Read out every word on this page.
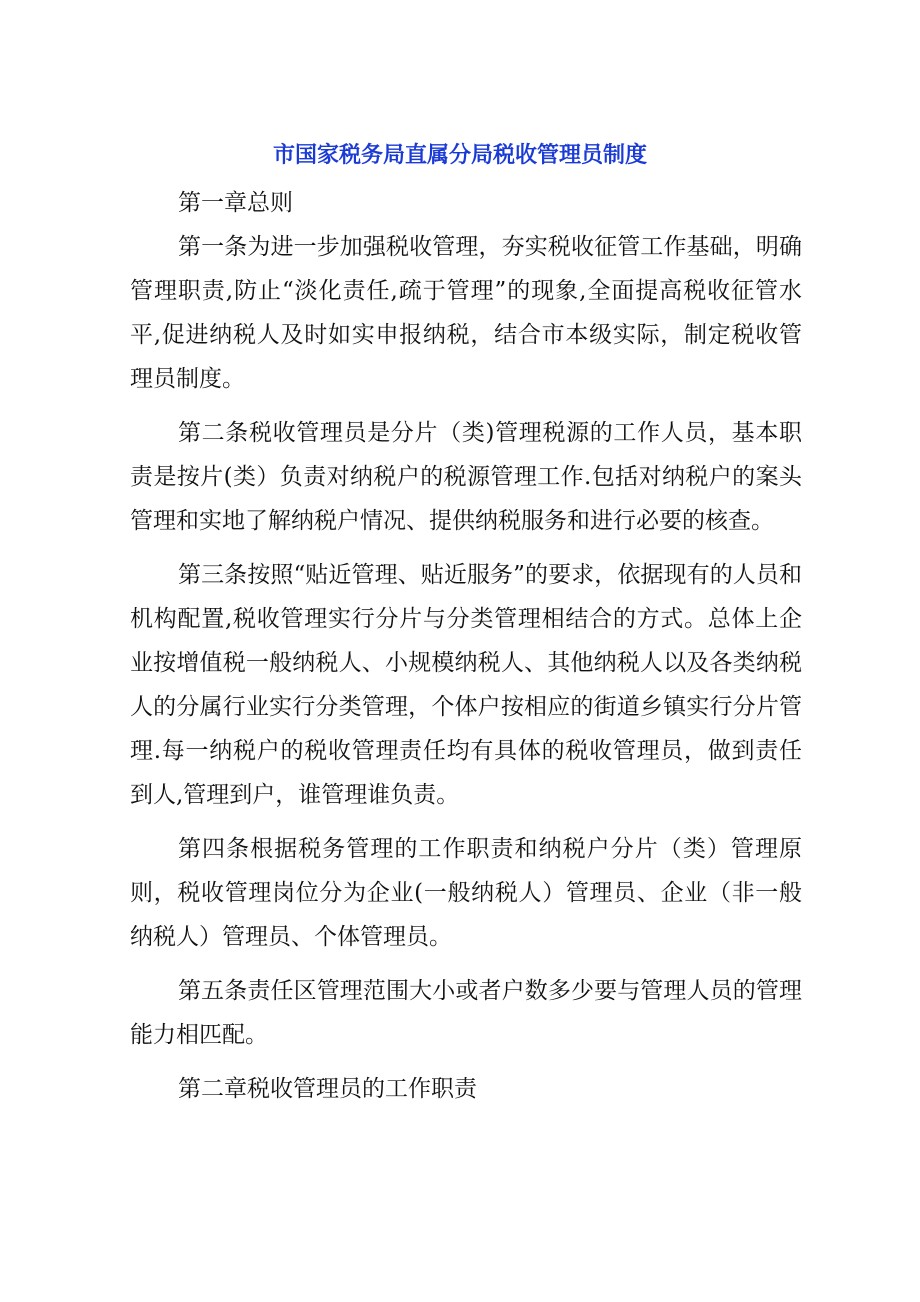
市国家税务局直属分局税收管理员制度

第一章总则

第一条为进一步加强税收管理，夯实税收征管工作基础，明确管理职责,防止“淡化责任,疏于管理”的现象,全面提高税收征管水平,促进纳税人及时如实申报纳税，结合市本级实际，制定税收管理员制度。

第二条税收管理员是分片（类)管理税源的工作人员，基本职责是按片(类）负责对纳税户的税源管理工作.包括对纳税户的案头管理和实地了解纳税户情况、提供纳税服务和进行必要的核查。

第三条按照“贴近管理、贴近服务”的要求，依据现有的人员和机构配置,税收管理实行分片与分类管理相结合的方式。总体上企业按增值税一般纳税人、小规模纳税人、其他纳税人以及各类纳税人的分属行业实行分类管理，个体户按相应的街道乡镇实行分片管理.每一纳税户的税收管理责任均有具体的税收管理员，做到责任到人,管理到户，谁管理谁负责。

第四条根据税务管理的工作职责和纳税户分片（类）管理原则，税收管理岗位分为企业(一般纳税人）管理员、企业（非一般纳税人）管理员、个体管理员。

第五条责任区管理范围大小或者户数多少要与管理人员的管理能力相匹配。

第二章税收管理员的工作职责
